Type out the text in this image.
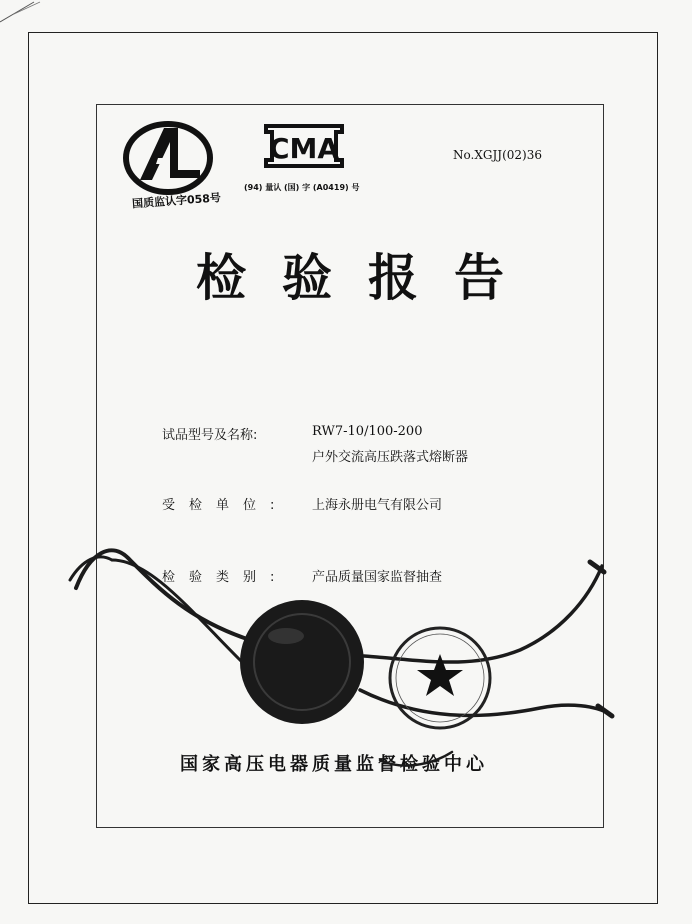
国质监认字058号
CMA
(94) 量认 (国) 字 (A0419) 号
No.XGJJ(02)36
检验报告
试品型号及名称:	RW7-10/100-200
户外交流高压跌落式熔断器
受检单位: 上海永册电气有限公司
检验类别: 产品质量国家监督抽查
国家高压电器质量监督检验中心
